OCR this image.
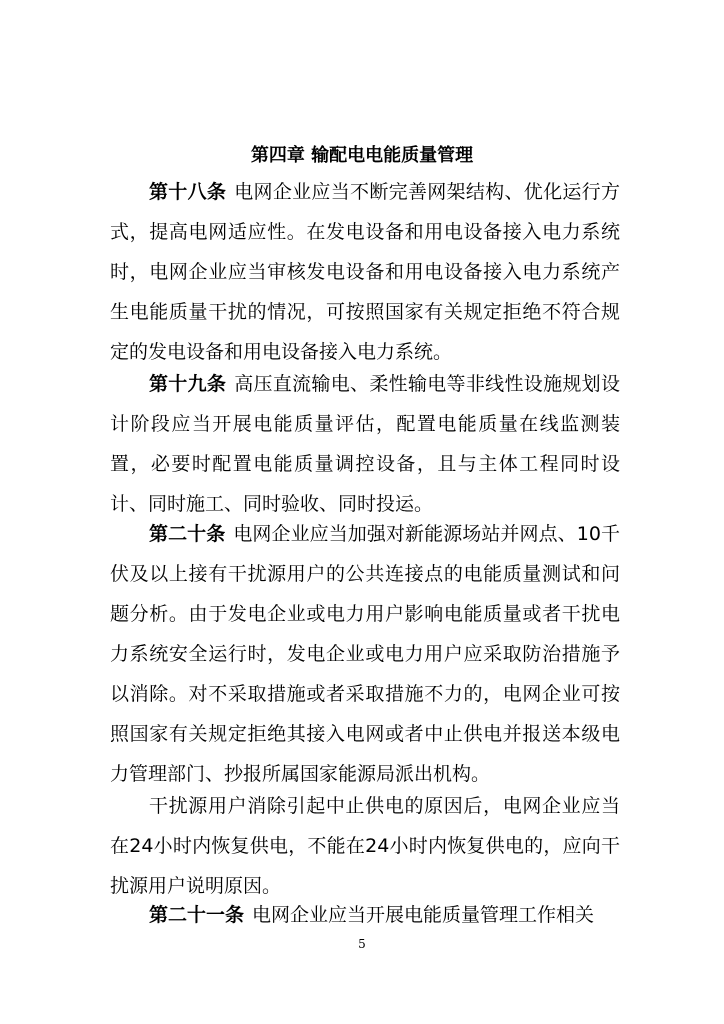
第四章 输配电电能质量管理

第十八条 电网企业应当不断完善网架结构、优化运行方式，提高电网适应性。在发电设备和用电设备接入电力系统时，电网企业应当审核发电设备和用电设备接入电力系统产生电能质量干扰的情况，可按照国家有关规定拒绝不符合规定的发电设备和用电设备接入电力系统。

第十九条 高压直流输电、柔性输电等非线性设施规划设计阶段应当开展电能质量评估，配置电能质量在线监测装置，必要时配置电能质量调控设备，且与主体工程同时设计、同时施工、同时验收、同时投运。

第二十条 电网企业应当加强对新能源场站并网点、10千伏及以上接有干扰源用户的公共连接点的电能质量测试和问题分析。由于发电企业或电力用户影响电能质量或者干扰电力系统安全运行时，发电企业或电力用户应采取防治措施予以消除。对不采取措施或者采取措施不力的，电网企业可按照国家有关规定拒绝其接入电网或者中止供电并报送本级电力管理部门、抄报所属国家能源局派出机构。

干扰源用户消除引起中止供电的原因后，电网企业应当在24小时内恢复供电，不能在24小时内恢复供电的，应向干扰源用户说明原因。

第二十一条 电网企业应当开展电能质量管理工作相关

5
